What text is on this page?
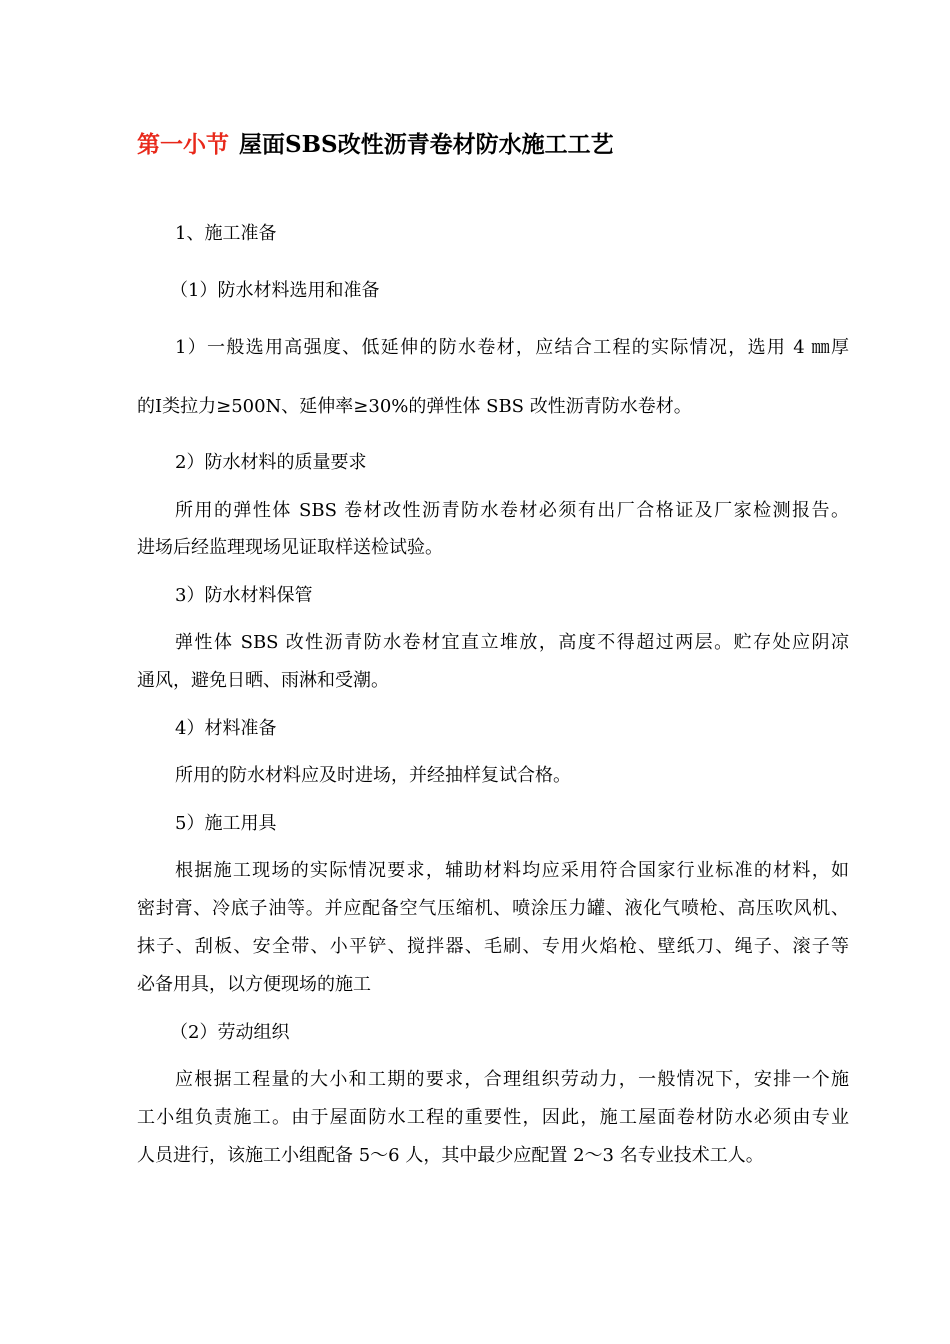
第一小节 屋面SBS改性沥青卷材防水施工工艺

1、施工准备

（1）防水材料选用和准备

1）一般选用高强度、低延伸的防水卷材，应结合工程的实际情况，选用 4 ㎜厚

的Ⅰ类拉力≥500N、延伸率≥30%的弹性体 SBS 改性沥青防水卷材。

2）防水材料的质量要求

所用的弹性体 SBS 卷材改性沥青防水卷材必须有出厂合格证及厂家检测报告。

进场后经监理现场见证取样送检试验。

3）防水材料保管

弹性体 SBS 改性沥青防水卷材宜直立堆放，高度不得超过两层。贮存处应阴凉

通风，避免日晒、雨淋和受潮。

4）材料准备

所用的防水材料应及时进场，并经抽样复试合格。

5）施工用具

根据施工现场的实际情况要求，辅助材料均应采用符合国家行业标准的材料，如

密封膏、冷底子油等。并应配备空气压缩机、喷涂压力罐、液化气喷枪、高压吹风机、

抹子、刮板、安全带、小平铲、搅拌器、毛刷、专用火焰枪、壁纸刀、绳子、滚子等

必备用具，以方便现场的施工

（2）劳动组织

应根据工程量的大小和工期的要求，合理组织劳动力，一般情况下，安排一个施

工小组负责施工。由于屋面防水工程的重要性，因此，施工屋面卷材防水必须由专业

人员进行，该施工小组配备 5～6 人，其中最少应配置 2～3 名专业技术工人。
